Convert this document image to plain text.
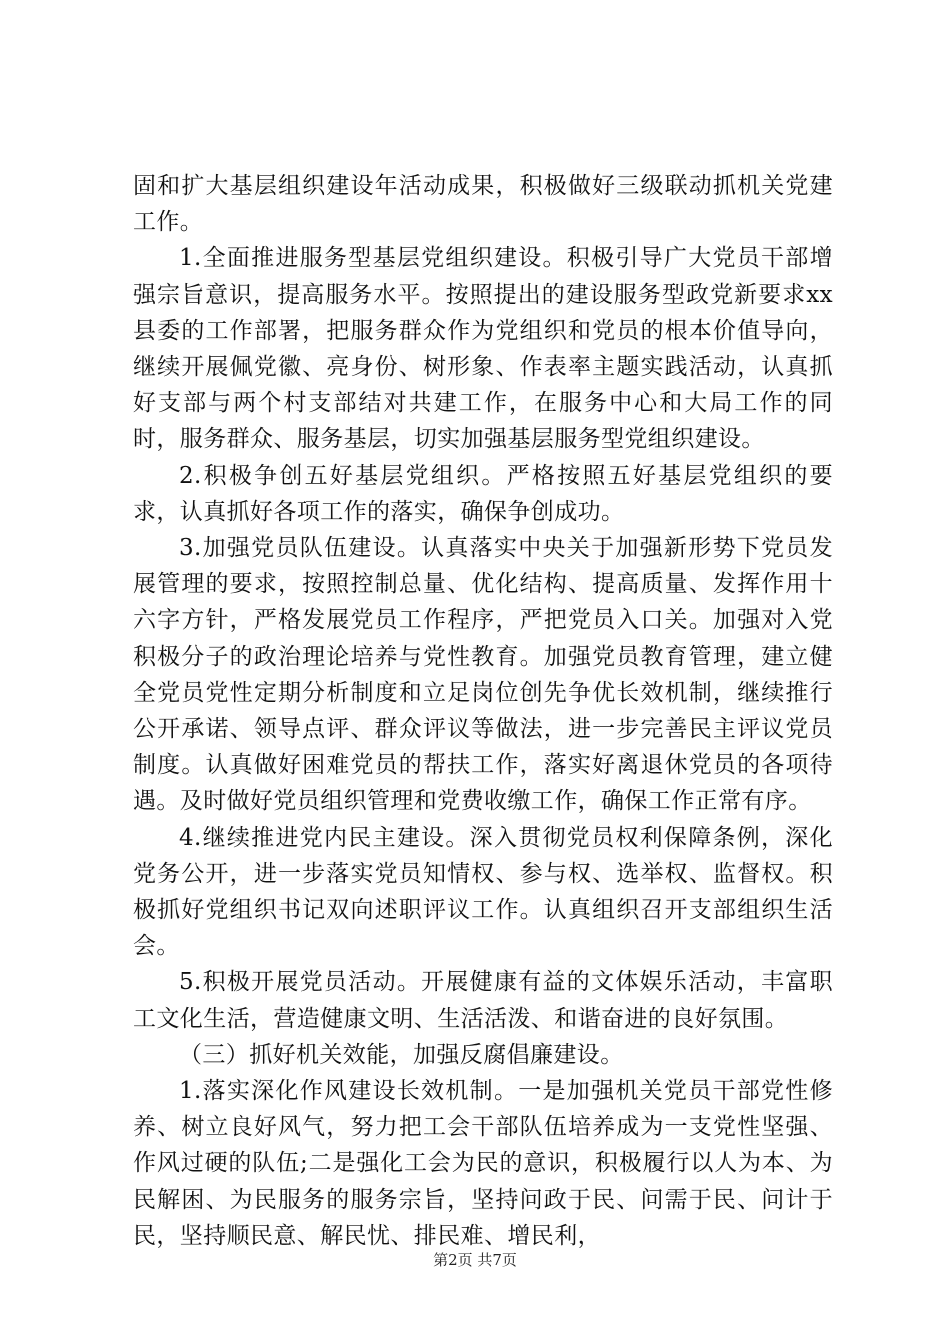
固和扩大基层组织建设年活动成果，积极做好三级联动抓机关党建工作。

1.全面推进服务型基层党组织建设。积极引导广大党员干部增强宗旨意识，提高服务水平。按照提出的建设服务型政党新要求xx县委的工作部署，把服务群众作为党组织和党员的根本价值导向，继续开展佩党徽、亮身份、树形象、作表率主题实践活动，认真抓好支部与两个村支部结对共建工作，在服务中心和大局工作的同时，服务群众、服务基层，切实加强基层服务型党组织建设。

2.积极争创五好基层党组织。严格按照五好基层党组织的要求，认真抓好各项工作的落实，确保争创成功。

3.加强党员队伍建设。认真落实中央关于加强新形势下党员发展管理的要求，按照控制总量、优化结构、提高质量、发挥作用十六字方针，严格发展党员工作程序，严把党员入口关。加强对入党积极分子的政治理论培养与党性教育。加强党员教育管理，建立健全党员党性定期分析制度和立足岗位创先争优长效机制，继续推行公开承诺、领导点评、群众评议等做法，进一步完善民主评议党员制度。认真做好困难党员的帮扶工作，落实好离退休党员的各项待遇。及时做好党员组织管理和党费收缴工作，确保工作正常有序。

4.继续推进党内民主建设。深入贯彻党员权利保障条例，深化党务公开，进一步落实党员知情权、参与权、选举权、监督权。积极抓好党组织书记双向述职评议工作。认真组织召开支部组织生活会。

5.积极开展党员活动。开展健康有益的文体娱乐活动，丰富职工文化生活，营造健康文明、生活活泼、和谐奋进的良好氛围。

（三）抓好机关效能，加强反腐倡廉建设。

1.落实深化作风建设长效机制。一是加强机关党员干部党性修养、树立良好风气，努力把工会干部队伍培养成为一支党性坚强、作风过硬的队伍;二是强化工会为民的意识，积极履行以人为本、为民解困、为民服务的服务宗旨，坚持问政于民、问需于民、问计于民，坚持顺民意、解民忧、排民难、增民利，

第2页 共7页
